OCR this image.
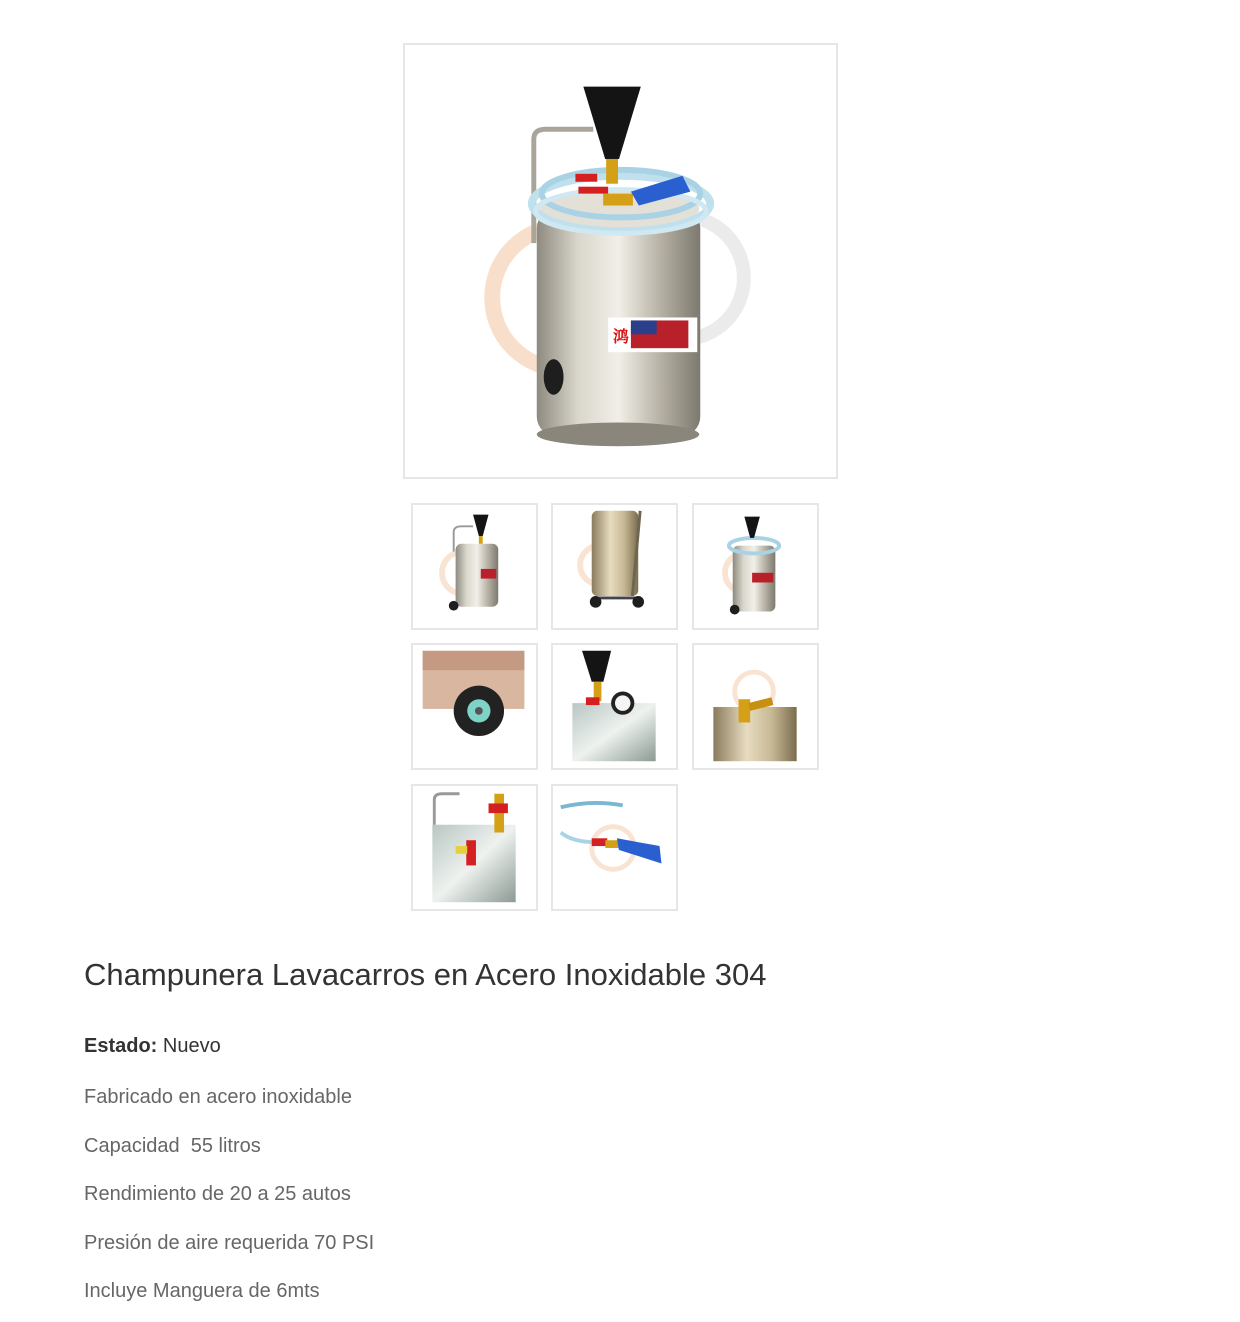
鸿
Champunera Lavacarros en Acero Inoxidable 304
Estado: Nuevo

Fabricado en acero inoxidable

Capacidad  55 litros

Rendimiento de 20 a 25 autos

Presión de aire requerida 70 PSI

Incluye Manguera de 6mts
